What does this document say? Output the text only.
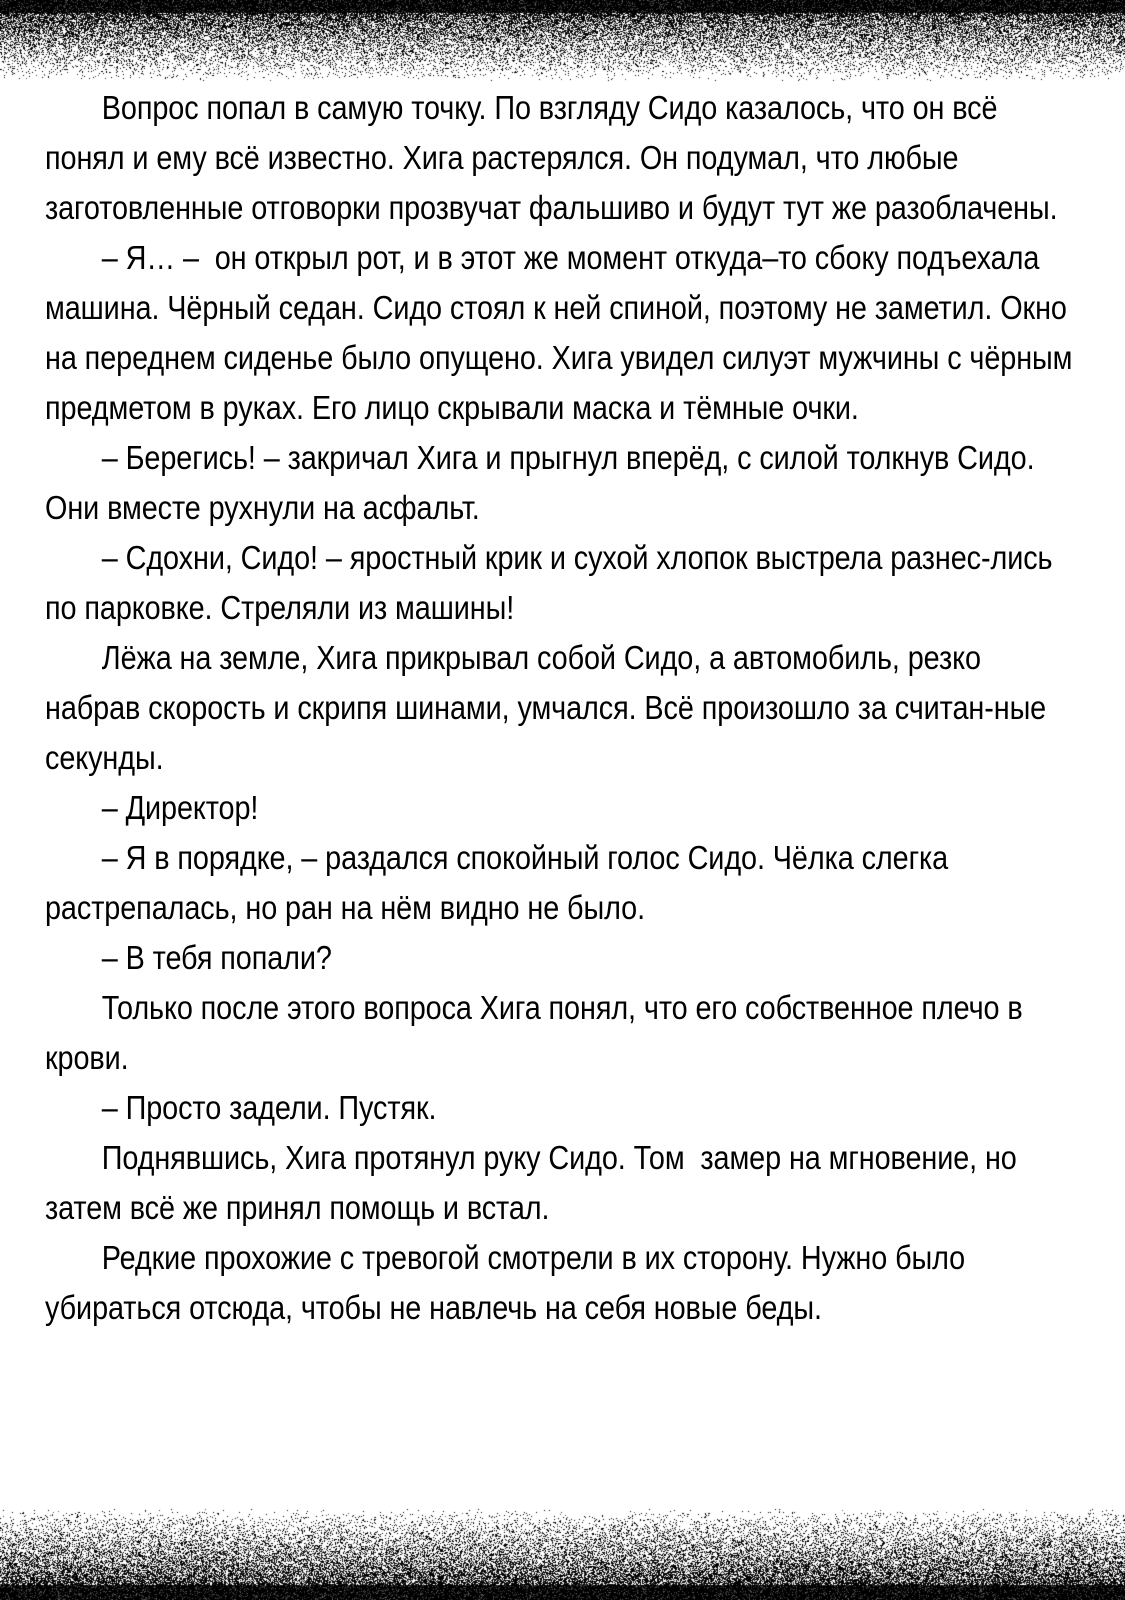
Вопрос попал в самую точку. По взгляду Сидо казалось, что он всё понял и ему всё известно. Хига растерялся. Он подумал, что любые заготовленные отговорки прозвучат фальшиво и будут тут же разоблачены.

– Я… –  он открыл рот, и в этот же момент откуда–то сбоку подъехала  машина. Чёрный седан. Сидо стоял к ней спиной, поэтому не заметил. Окно на переднем сиденье было опущено. Хига увидел силуэт мужчины с чёрным предметом в руках. Его лицо скрывали маска и тёмные очки.

– Берегись! – закричал Хига и прыгнул вперёд, с силой толкнув Сидо. Они вместе рухнули на асфальт.

– Сдохни, Сидо! – яростный крик и сухой хлопок выстрела разнес-лись по парковке. Стреляли из машины!

Лёжа на земле, Хига прикрывал собой Сидо, а автомобиль, резко набрав скорость и скрипя шинами, умчался. Всё произошло за считан-ные секунды.

– Директор!

– Я в порядке, – раздался спокойный голос Сидо. Чёлка слегка растрепалась, но ран на нём видно не было.

– В тебя попали?

Только после этого вопроса Хига понял, что его собственное плечо в крови.

– Просто задели. Пустяк.

Поднявшись, Хига протянул руку Сидо. Том  замер на мгновение, но затем всё же принял помощь и встал.

Редкие прохожие с тревогой смотрели в их сторону. Нужно было убираться отсюда, чтобы не навлечь на себя новые беды.
